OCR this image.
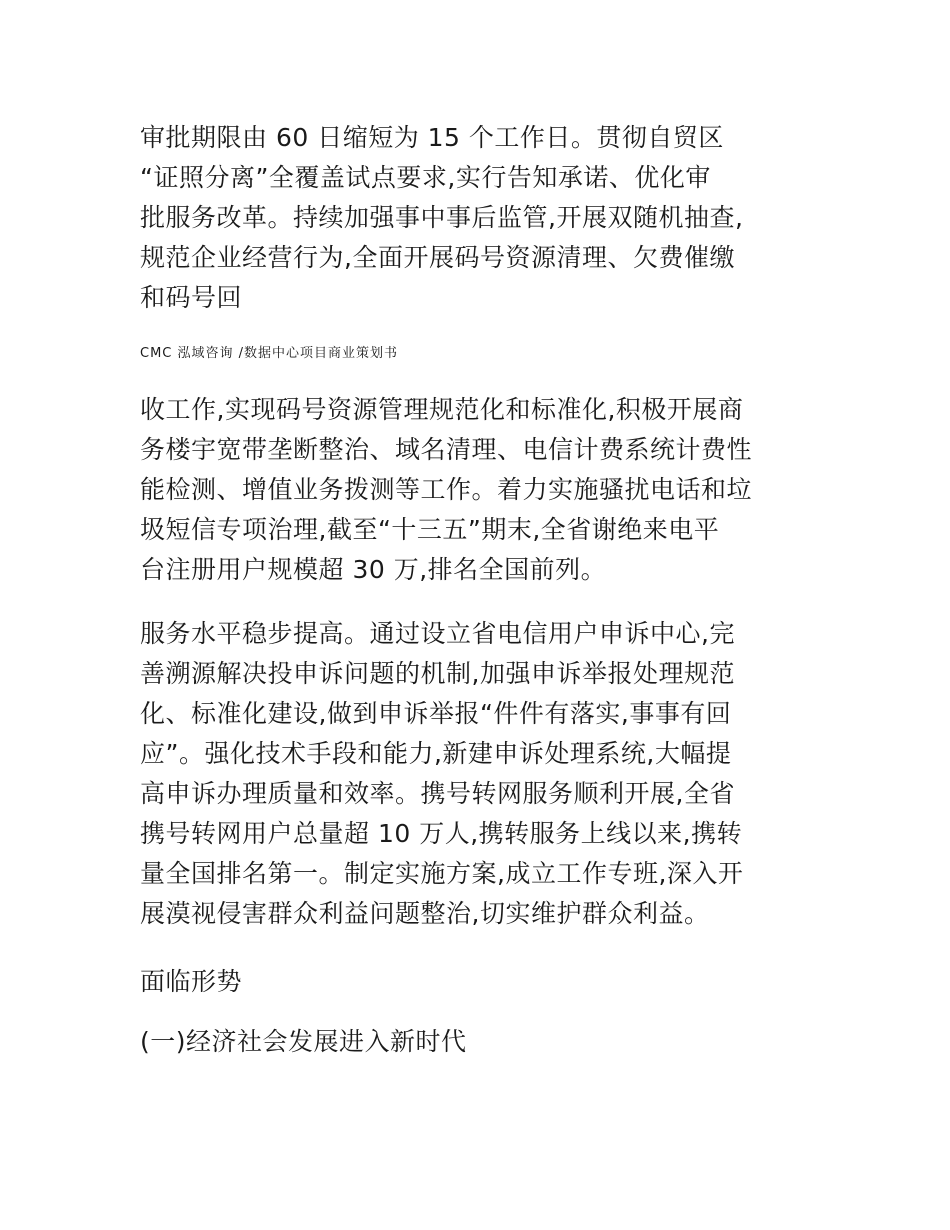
审批期限由 60 日缩短为 15 个工作日。贯彻自贸区
“证照分离”全覆盖试点要求,实行告知承诺、优化审
批服务改革。持续加强事中事后监管,开展双随机抽查,
规范企业经营行为,全面开展码号资源清理、欠费催缴
和码号回

CMC 泓域咨询 /数据中心项目商业策划书

收工作,实现码号资源管理规范化和标准化,积极开展商
务楼宇宽带垄断整治、域名清理、电信计费系统计费性
能检测、增值业务拨测等工作。着力实施骚扰电话和垃
圾短信专项治理,截至“十三五”期末,全省谢绝来电平
台注册用户规模超 30 万,排名全国前列。

服务水平稳步提高。通过设立省电信用户申诉中心,完
善溯源解决投申诉问题的机制,加强申诉举报处理规范
化、标准化建设,做到申诉举报“件件有落实,事事有回
应”。强化技术手段和能力,新建申诉处理系统,大幅提
高申诉办理质量和效率。携号转网服务顺利开展,全省
携号转网用户总量超 10 万人,携转服务上线以来,携转
量全国排名第一。制定实施方案,成立工作专班,深入开
展漠视侵害群众利益问题整治,切实维护群众利益。

面临形势

(一)经济社会发展进入新时代
